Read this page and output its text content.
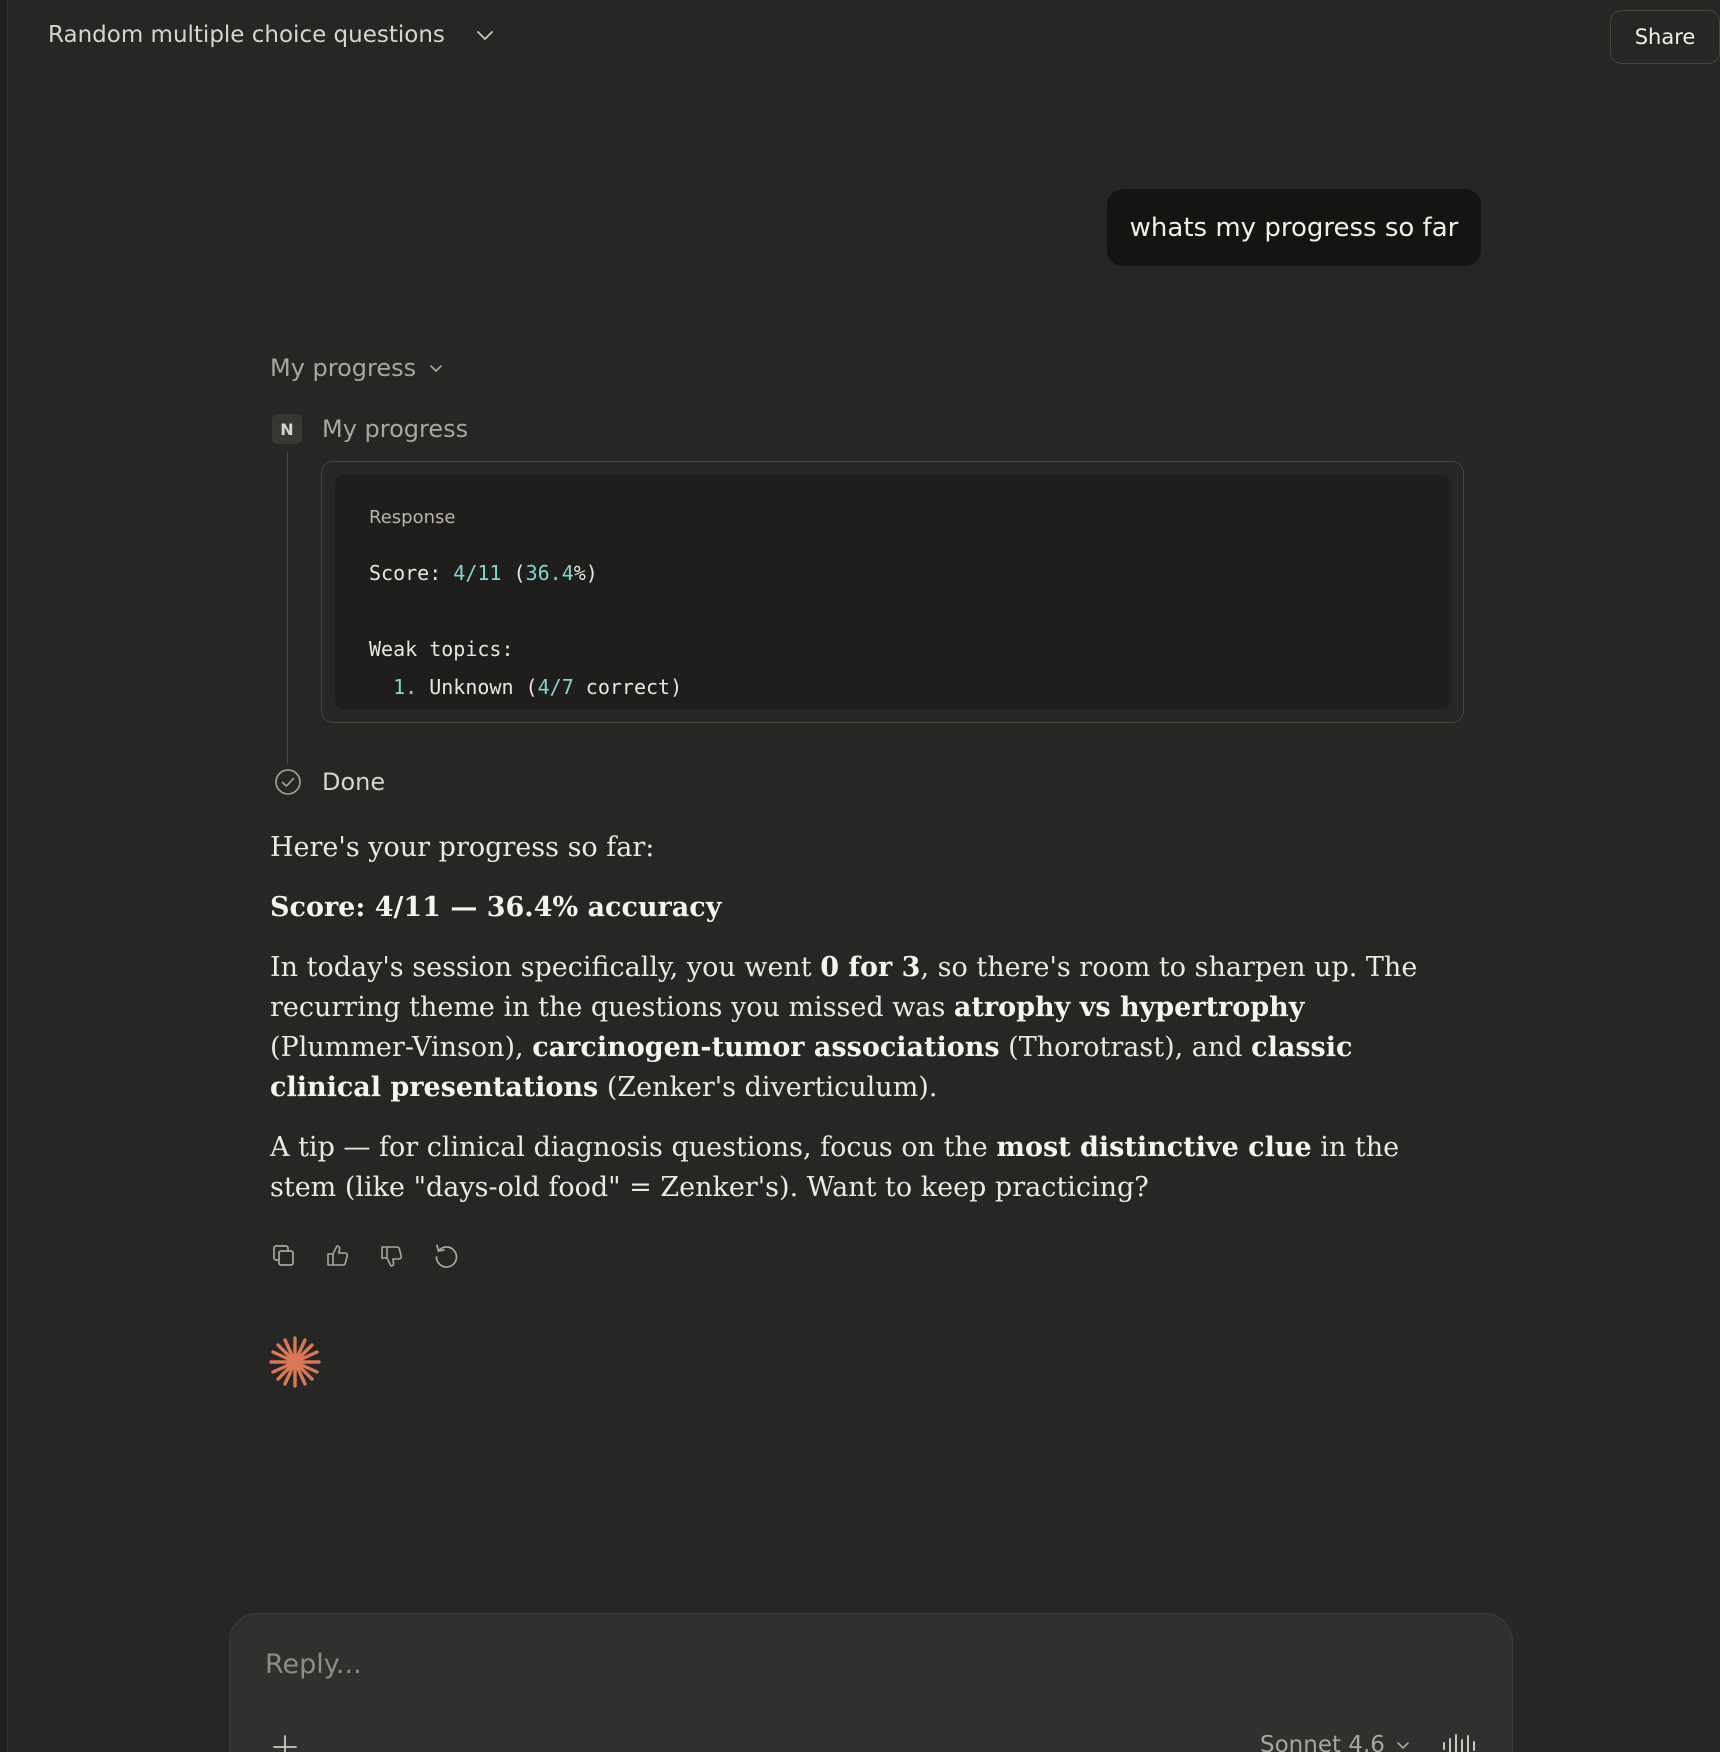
Random multiple choice questions	Share
whats my progress so far
My progress
N	My progress
Response
Score: 4/11 (36.4%)

Weak topics:
1. Unknown (4/7 correct)
Done

Here's your progress so far:

Score: 4/11 — 36.4% accuracy

In today's session specifically, you went 0 for 3, so there's room to sharpen up. The recurring theme in the questions you missed was atrophy vs hypertrophy (Plummer-Vinson), carcinogen-tumor associations (Thorotrast), and classic clinical presentations (Zenker's diverticulum).

A tip — for clinical diagnosis questions, focus on the most distinctive clue in the stem (like "days-old food" = Zenker's). Want to keep practicing?

Reply...
Sonnet 4.6
